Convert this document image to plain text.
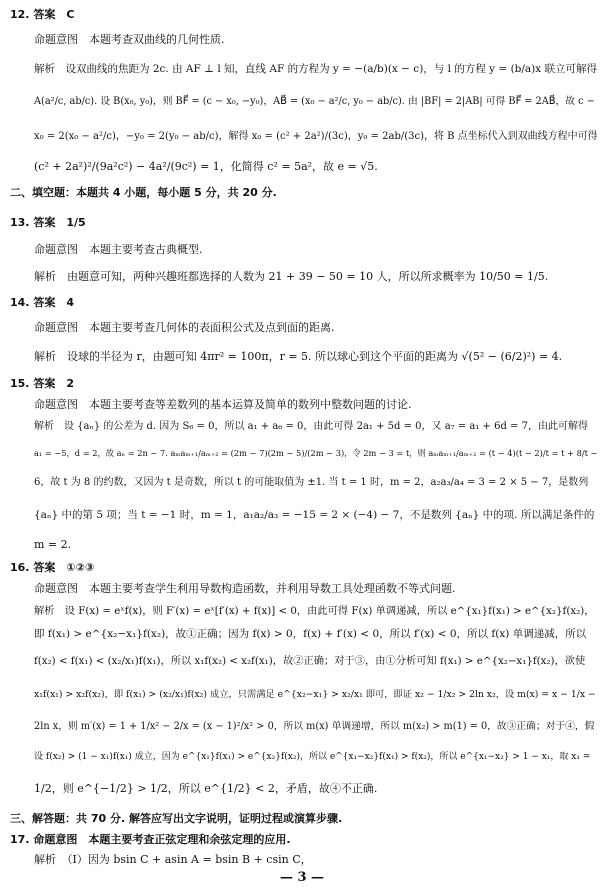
12. 答案　C
命题意图　本题考查双曲线的几何性质.
解析　设双曲线的焦距为 2c. 由 AF ⊥ l 知，直线 AF 的方程为 y = −(a/b)(x − c)，与 l 的方程 y = (b/a)x 联立可解得
A(a²/c, ab/c). 设 B(x₀, y₀)，则 BF⃗ = (c − x₀, −y₀)，AB⃗ = (x₀ − a²/c, y₀ − ab/c). 由 |BF| = 2|AB| 可得 BF⃗ = 2AB⃗，故 c −
x₀ = 2(x₀ − a²/c)，−y₀ = 2(y₀ − ab/c)，解得 x₀ = (c² + 2a²)/(3c)，y₀ = 2ab/(3c)，将 B 点坐标代入到双曲线方程中可得
(c² + 2a²)²/(9a²c²) − 4a²/(9c²) = 1，化简得 c² = 5a²，故 e = √5.
二、填空题：本题共 4 小题，每小题 5 分，共 20 分.
13. 答案　1/5
命题意图　本题主要考查古典概型.
解析　由题意可知，两种兴趣班都选择的人数为 21 + 39 − 50 = 10 人，所以所求概率为 10/50 = 1/5.
14. 答案　4
命题意图　本题主要考查几何体的表面积公式及点到面的距离.
解析　设球的半径为 r，由题可知 4πr² = 100π，r = 5. 所以球心到这个平面的距离为 √(5² − (6/2)²) = 4.
15. 答案　2
命题意图　本题主要考查等差数列的基本运算及简单的数列中整数问题的讨论.
解析　设 {aₙ} 的公差为 d. 因为 S₆ = 0，所以 a₁ + a₆ = 0，由此可得 2a₁ + 5d = 0，又 a₇ = a₁ + 6d = 7，由此可解得
a₁ = −5，d = 2，故 aₙ = 2n − 7. aₘaₘ₊₁/aₘ₊₂ = (2m − 7)(2m − 5)/(2m − 3)，令 2m − 3 = t，则 aₘaₘ₊₁/aₘ₊₂ = (t − 4)(t − 2)/t = t + 8/t −
6，故 t 为 8 的约数，又因为 t 是奇数，所以 t 的可能取值为 ±1. 当 t = 1 时，m = 2，a₂a₃/a₄ = 3 = 2 × 5 − 7，是数列
{aₙ} 中的第 5 项；当 t = −1 时，m = 1，a₁a₂/a₃ = −15 = 2 × (−4) − 7，不是数列 {aₙ} 中的项. 所以满足条件的
m = 2.
16. 答案　①②③
命题意图　本题主要考查学生利用导数构造函数，并利用导数工具处理函数不等式问题.
解析　设 F(x) = eˣf(x)，则 F′(x) = eˣ[f′(x) + f(x)] < 0，由此可得 F(x) 单调递减，所以 e^{x₁}f(x₁) > e^{x₂}f(x₂)，
即 f(x₁) > e^{x₂−x₁}f(x₂)，故①正确；因为 f(x) > 0，f(x) + f′(x) < 0，所以 f′(x) < 0，所以 f(x) 单调递减，所以
f(x₂) < f(x₁) < (x₂/x₁)f(x₁)，所以 x₁f(x₂) < x₂f(x₁)，故②正确；对于③，由①分析可知 f(x₁) > e^{x₂−x₁}f(x₂)，欲使
x₁f(x₁) > x₂f(x₂)，即 f(x₁) > (x₂/x₁)f(x₂) 成立，只需满足 e^{x₂−x₁} > x₂/x₁ 即可，即证 x₂ − 1/x₂ > 2ln x₂，设 m(x) = x − 1/x −
2ln x，则 m′(x) = 1 + 1/x² − 2/x = (x − 1)²/x² > 0，所以 m(x) 单调递增，所以 m(x₂) > m(1) = 0，故③正确；对于④，假
设 f(x₂) > (1 − x₁)f(x₁) 成立，因为 e^{x₁}f(x₁) > e^{x₂}f(x₂)，所以 e^{x₁−x₂}f(x₁) > f(x₂)，所以 e^{x₁−x₂} > 1 − x₁，取 x₁ =
1/2，则 e^{−1/2} > 1/2，所以 e^{1/2} < 2，矛盾，故④不正确.
三、解答题：共 70 分. 解答应写出文字说明，证明过程或演算步骤.
17. 命题意图　本题主要考查正弦定理和余弦定理的应用.
解析　（Ⅰ）因为 bsin C + asin A = bsin B + csin C，
— 3 —
